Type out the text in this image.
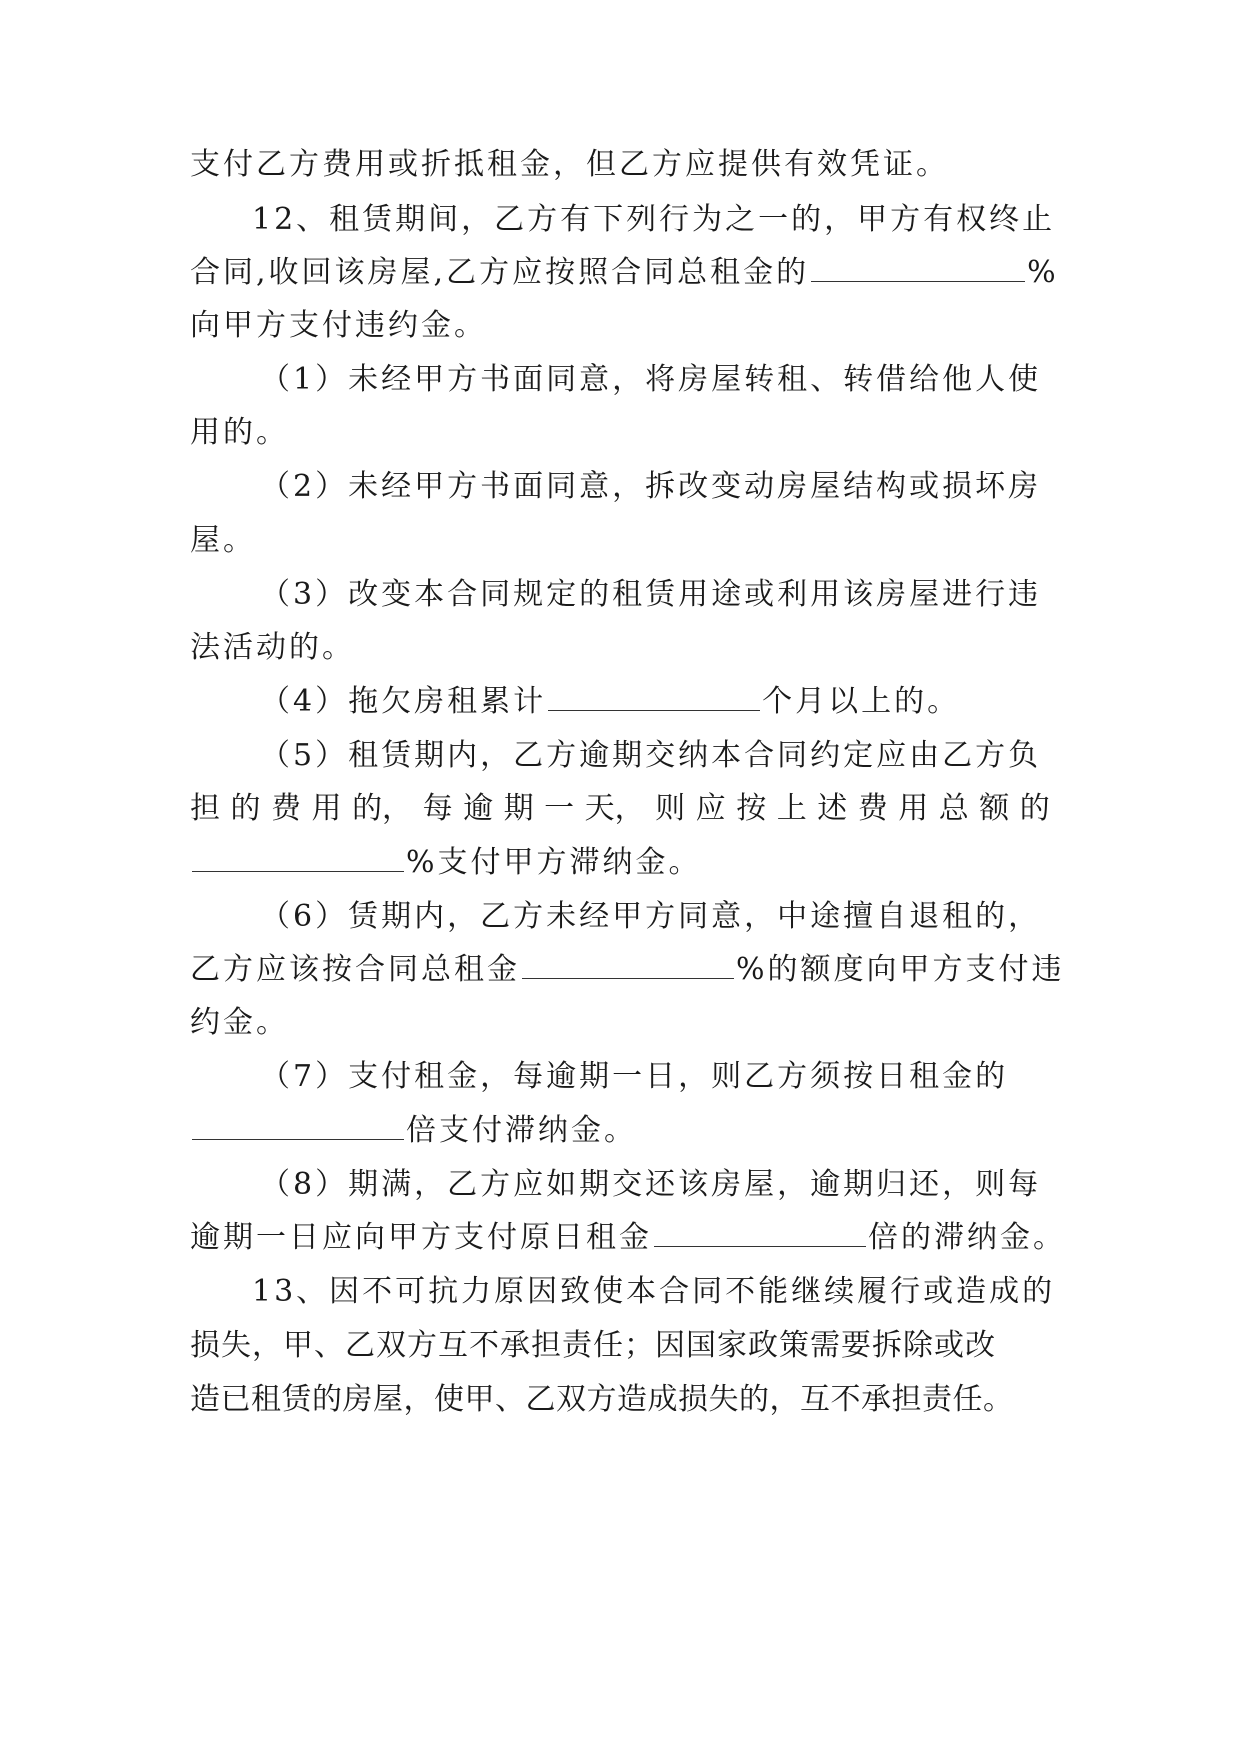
支付乙方费用或折抵租金，但乙方应提供有效凭证。
12、租赁期间，乙方有下列行为之一的，甲方有权终止
合同,收回该房屋,乙方应按照合同总租金的	%
向甲方支付违约金。
（1）未经甲方书面同意，将房屋转租、转借给他人使
用的。
（2）未经甲方书面同意，拆改变动房屋结构或损坏房
屋。
（3）改变本合同规定的租赁用途或利用该房屋进行违
法活动的。
（4）拖欠房租累计	个月以上的。
（5）租赁期内，乙方逾期交纳本合同约定应由乙方负
担 的 费 用 的， 每 逾 期 一 天， 则 应 按 上 述 费 用 总 额 的
%支付甲方滞纳金。
（6）赁期内，乙方未经甲方同意，中途擅自退租的，
乙方应该按合同总租金	%的额度向甲方支付违
约金。
（7）支付租金，每逾期一日，则乙方须按日租金的
倍支付滞纳金。
（8）期满，乙方应如期交还该房屋，逾期归还，则每
逾期一日应向甲方支付原日租金	倍的滞纳金。
13、因不可抗力原因致使本合同不能继续履行或造成的
损失，甲、乙双方互不承担责任；因国家政策需要拆除或改
造已租赁的房屋，使甲、乙双方造成损失的，互不承担责任。
